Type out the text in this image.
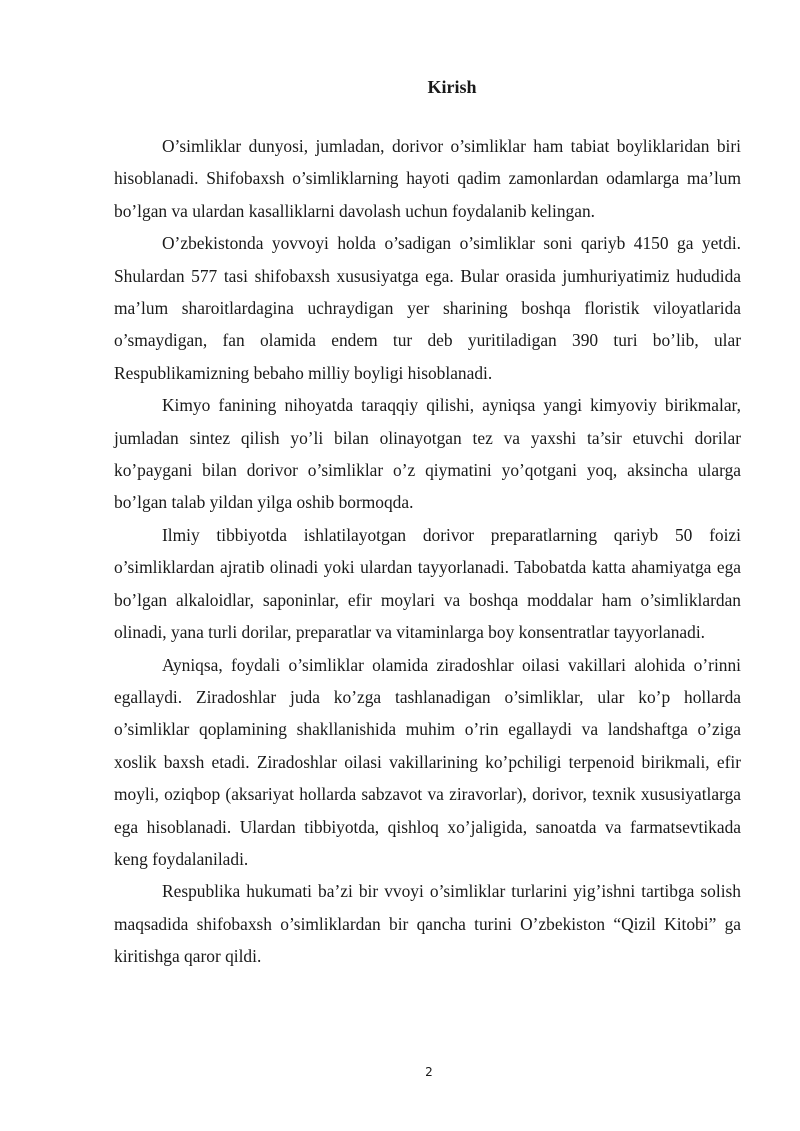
Kirish

O’simliklar dunyosi, jumladan, dorivor o’simliklar ham tabiat boyliklaridan biri hisoblanadi. Shifobaxsh o’simliklarning hayoti qadim zamonlardan odamlarga ma’lum bo’lgan va ulardan kasalliklarni davolash uchun foydalanib kelingan.

O’zbekistonda yovvoyi holda o’sadigan o’simliklar soni qariyb 4150 ga yetdi. Shulardan 577 tasi shifobaxsh xususiyatga ega. Bular orasida jumhuriyatimiz hududida ma’lum sharoitlardagina uchraydigan yer sharining boshqa floristik viloyatlarida o’smaydigan, fan olamida endem tur deb yuritiladigan 390 turi bo’lib, ular Respublikamizning bebaho milliy boyligi hisoblanadi.

Kimyo fanining nihoyatda taraqqiy qilishi, ayniqsa yangi kimyoviy birikmalar, jumladan sintez qilish yo’li bilan olinayotgan tez va yaxshi ta’sir etuvchi dorilar ko’paygani bilan dorivor o’simliklar o’z qiymatini yo’qotgani yoq, aksincha ularga bo’lgan talab yildan yilga oshib bormoqda.

Ilmiy tibbiyotda ishlatilayotgan dorivor preparatlarning qariyb 50 foizi o’simliklardan ajratib olinadi yoki ulardan tayyorlanadi. Tabobatda katta ahamiyatga ega bo’lgan alkaloidlar, saponinlar, efir moylari va boshqa moddalar ham o’simliklardan olinadi, yana turli dorilar, preparatlar va vitaminlarga boy konsentratlar tayyorlanadi.

Ayniqsa, foydali o’simliklar olamida ziradoshlar oilasi vakillari alohida o’rinni egallaydi. Ziradoshlar juda ko’zga tashlanadigan o’simliklar, ular ko’p hollarda o’simliklar qoplamining shakllanishida muhim o’rin egallaydi va landshaftga o’ziga xoslik baxsh etadi. Ziradoshlar oilasi vakillarining ko’pchiligi terpenoid birikmali, efir moyli, oziqbop (aksariyat hollarda sabzavot va ziravorlar), dorivor, texnik xususiyatlarga ega hisoblanadi. Ulardan tibbiyotda, qishloq xo’jaligida, sanoatda va farmatsevtikada keng foydalaniladi.

Respublika hukumati ba’zi bir vvoyi o’simliklar turlarini yig’ishni tartibga solish maqsadida shifobaxsh o’simliklardan bir qancha turini O’zbekiston “Qizil Kitobi” ga kiritishga qaror qildi.

2
